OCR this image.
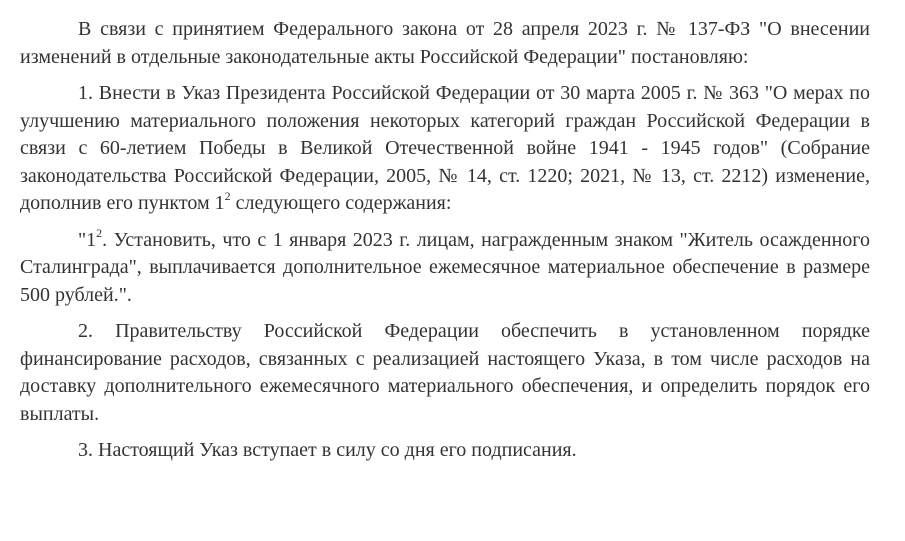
В связи с принятием Федерального закона от 28 апреля 2023 г. № 137-ФЗ "О внесении изменений в отдельные законодательные акты Российской Федерации" постановляю:

1. Внести в Указ Президента Российской Федерации от 30 марта 2005 г. № 363 "О мерах по улучшению материального положения некоторых категорий граждан Российской Федерации в связи с 60-летием Победы в Великой Отечественной войне 1941 - 1945 годов" (Собрание законодательства Российской Федерации, 2005, № 14, ст. 1220; 2021, № 13, ст. 2212) изменение, дополнив его пунктом $1^2$ следующего содержания:

"$1^2$. Установить, что с 1 января 2023 г. лицам, награжденным знаком "Житель осажденного Сталинграда", выплачивается дополнительное ежемесячное материальное обеспечение в размере 500 рублей.".

2. Правительству Российской Федерации обеспечить в установленном порядке финансирование расходов, связанных с реализацией настоящего Указа, в том числе расходов на доставку дополнительного ежемесячного материального обеспечения, и определить порядок его выплаты.

3. Настоящий Указ вступает в силу со дня его подписания.
